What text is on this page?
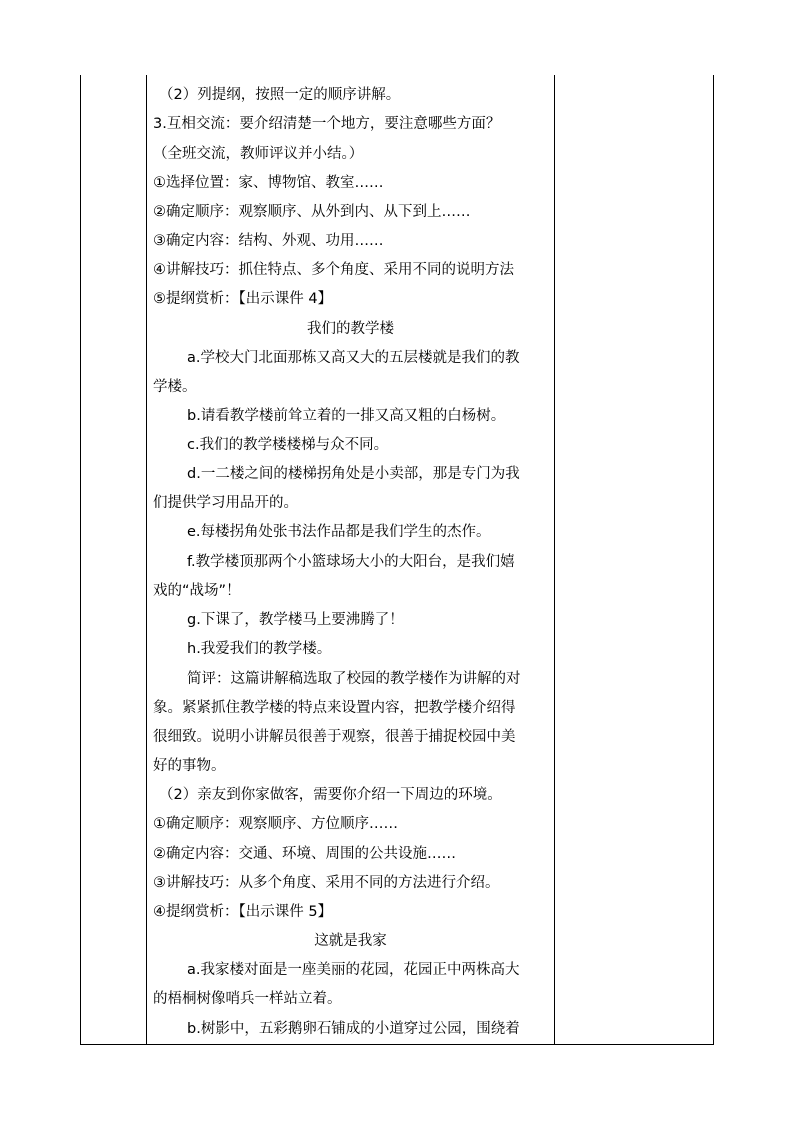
（2）列提纲，按照一定的顺序讲解。
3.互相交流：要介绍清楚一个地方，要注意哪些方面？
（全班交流，教师评议并小结。）
①选择位置：家、博物馆、教室……
②确定顺序：观察顺序、从外到内、从下到上……
③确定内容：结构、外观、功用……
④讲解技巧：抓住特点、多个角度、采用不同的说明方法
⑤提纲赏析：【出示课件 4】
我们的教学楼
a.学校大门北面那栋又高又大的五层楼就是我们的教
学楼。
b.请看教学楼前耸立着的一排又高又粗的白杨树。
c.我们的教学楼楼梯与众不同。
d.一二楼之间的楼梯拐角处是小卖部，那是专门为我
们提供学习用品开的。
e.每楼拐角处张书法作品都是我们学生的杰作。
f.教学楼顶那两个小篮球场大小的大阳台，是我们嬉
戏的“战场”！
g.下课了，教学楼马上要沸腾了！
h.我爱我们的教学楼。
简评：这篇讲解稿选取了校园的教学楼作为讲解的对
象。紧紧抓住教学楼的特点来设置内容，把教学楼介绍得
很细致。说明小讲解员很善于观察，很善于捕捉校园中美
好的事物。
（2）亲友到你家做客，需要你介绍一下周边的环境。
①确定顺序：观察顺序、方位顺序……
②确定内容：交通、环境、周围的公共设施……
③讲解技巧：从多个角度、采用不同的方法进行介绍。
④提纲赏析：【出示课件 5】
这就是我家
a.我家楼对面是一座美丽的花园，花园正中两株高大
的梧桐树像哨兵一样站立着。
b.树影中，五彩鹅卵石铺成的小道穿过公园，围绕着
